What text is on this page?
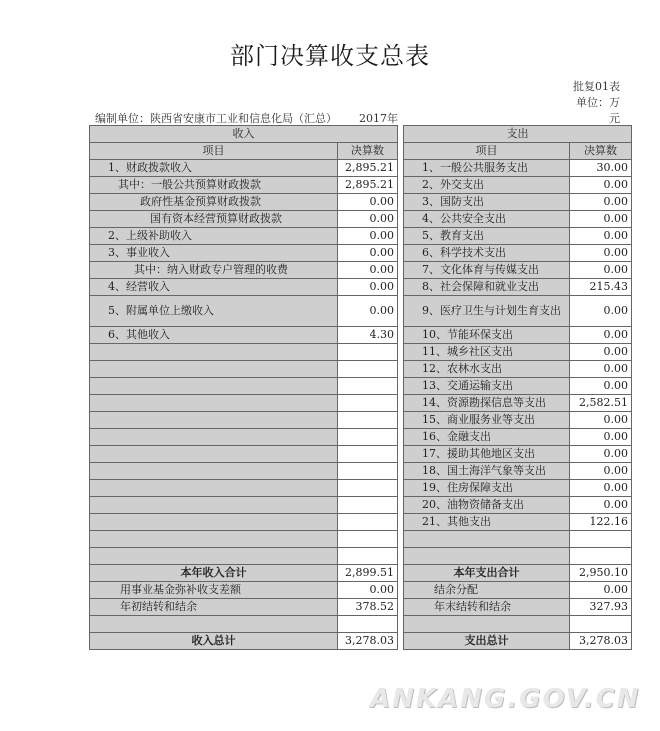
部门决算收支总表
批复01表
单位：万
元
编制单位：陕西省安康市工业和信息化局（汇总） 2017年
收入			支出	
项目	决算数		项目	决算数
1、财政拨款收入	2,895.21		1、一般公共服务支出	30.00
其中：一般公共预算财政拨款	2,895.21		2、外交支出	0.00
政府性基金预算财政拨款	0.00		3、国防支出	0.00
国有资本经营预算财政拨款	0.00		4、公共安全支出	0.00
2、上级补助收入	0.00		5、教育支出	0.00
3、事业收入	0.00		6、科学技术支出	0.00
其中：纳入财政专户管理的收费	0.00		7、文化体育与传媒支出	0.00
4、经营收入	0.00		8、社会保障和就业支出	215.43
5、附属单位上缴收入	0.00		9、医疗卫生与计划生育支出	0.00
6、其他收入	4.30		10、节能环保支出	0.00
			11、城乡社区支出	0.00
			12、农林水支出	0.00
			13、交通运输支出	0.00
			14、资源勘探信息等支出	2,582.51
			15、商业服务业等支出	0.00
			16、金融支出	0.00
			17、援助其他地区支出	0.00
			18、国土海洋气象等支出	0.00
			19、住房保障支出	0.00
			20、油物资储备支出	0.00
			21、其他支出	122.16

本年收入合计	2,899.51		本年支出合计	2,950.10
用事业基金弥补收支差额	0.00		结余分配	0.00
年初结转和结余	378.52		年末结转和结余	327.93

收入总计	3,278.03		支出总计	3,278.03
ANKANG.GOV.CN
